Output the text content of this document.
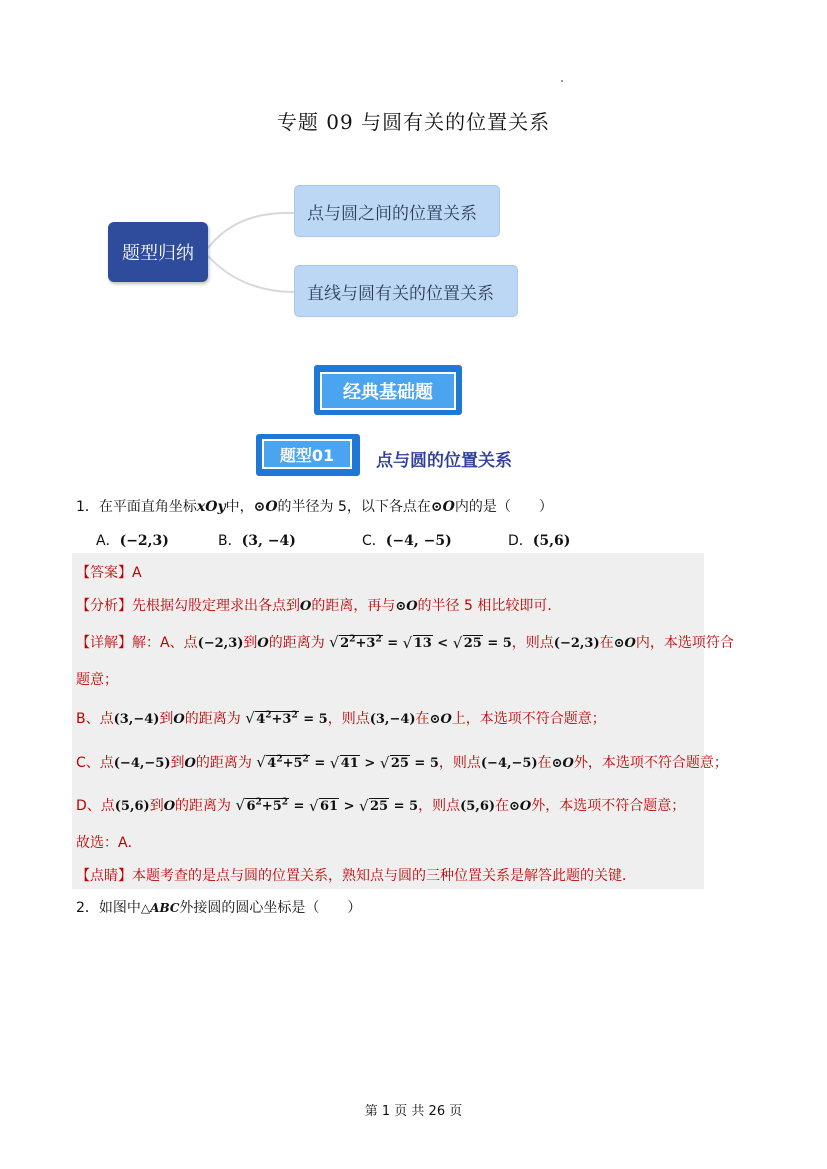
专题 09 与圆有关的位置关系
题型归纳
点与圆之间的位置关系
直线与圆有关的位置关系
经典基础题
题型01	点与圆的位置关系
1．在平面直角坐标xOy中，⊙O的半径为 5，以下各点在⊙O内的是（　　）
A．(−2,3)	B．(3, −4)	C．(−4, −5)	D．(5,6)
【答案】A
【分析】先根据勾股定理求出各点到O的距离，再与⊙O的半径 5 相比较即可．
【详解】解：A、点(−2,3)到O的距离为 √ $2^2+3^2$ = √ 13 < √ 25 = 5，则点(−2,3)在⊙O内，本选项符合
题意；
B、点(3,−4)到O的距离为 √ $4^2+3^2 = 5$，则点(3,−4)在⊙O上，本选项不符合题意；
C、点(−4,−5)到O的距离为 √ $4^2+5^2$ = √ 41 > √ 25 = 5，则点(−4,−5)在⊙O外，本选项不符合题意；
D、点(5,6)到O的距离为 √ $6^2+5^2$ = √ 61 > √ 25 = 5，则点(5,6)在⊙O外，本选项不符合题意；
故选：A．
【点睛】本题考查的是点与圆的位置关系，熟知点与圆的三种位置关系是解答此题的关键．
2．如图中△ABC外接圆的圆心坐标是（　　）
第 1 页 共 26 页
